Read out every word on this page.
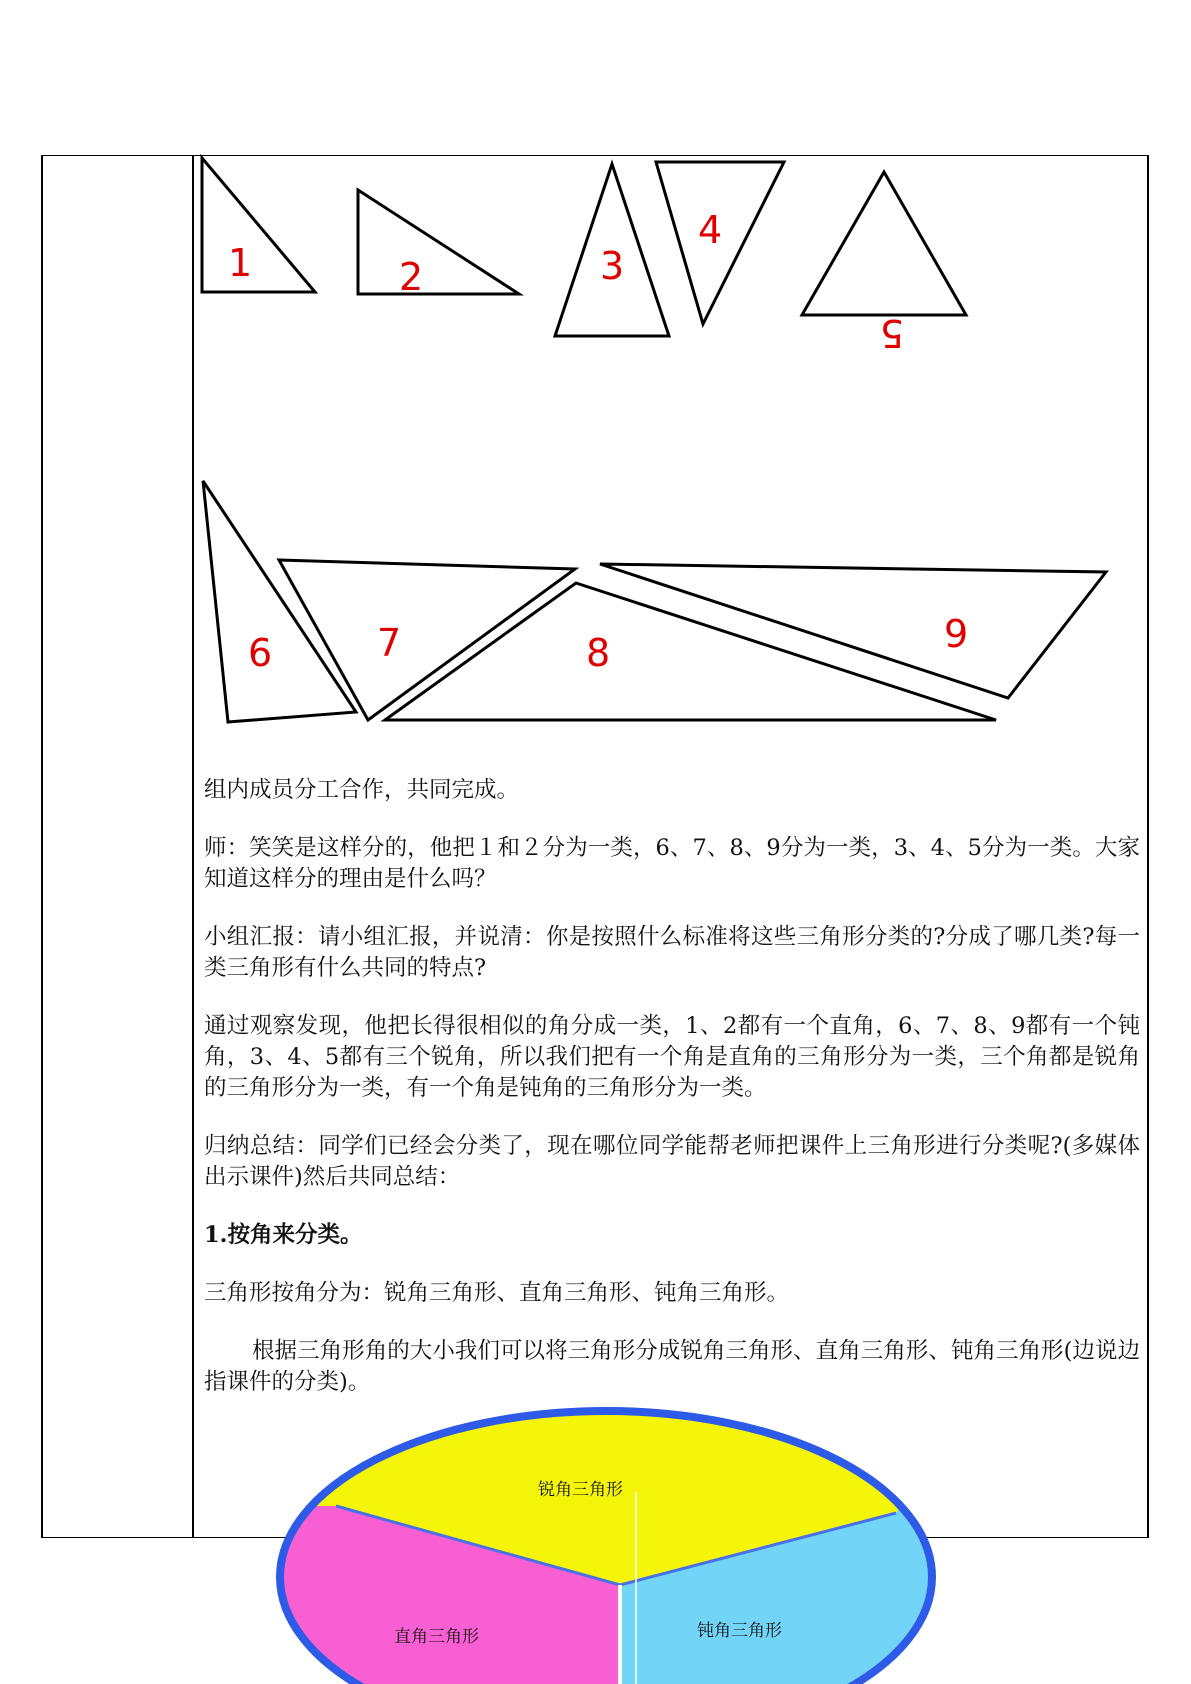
1	2	3
4
5
6	7	8	9

组内成员分工合作，共同完成。

师：笑笑是这样分的，他把１和２分为一类，6、7、8、9分为一类，3、4、5分为一类。大家知道这样分的理由是什么吗？

小组汇报：请小组汇报，并说清：你是按照什么标准将这些三角形分类的?分成了哪几类?每一类三角形有什么共同的特点?

通过观察发现，他把长得很相似的角分成一类，1、2都有一个直角，6、7、8、9都有一个钝角，3、4、5都有三个锐角，所以我们把有一个角是直角的三角形分为一类，三个角都是锐角的三角形分为一类，有一个角是钝角的三角形分为一类。

归纳总结：同学们已经会分类了，现在哪位同学能帮老师把课件上三角形进行分类呢?(多媒体出示课件)然后共同总结：

1.按角来分类。

三角形按角分为：锐角三角形、直角三角形、钝角三角形。

根据三角形角的大小我们可以将三角形分成锐角三角形、直角三角形、钝角三角形(边说边指课件的分类)。

锐角三角形
直角三角形	钝角三角形
